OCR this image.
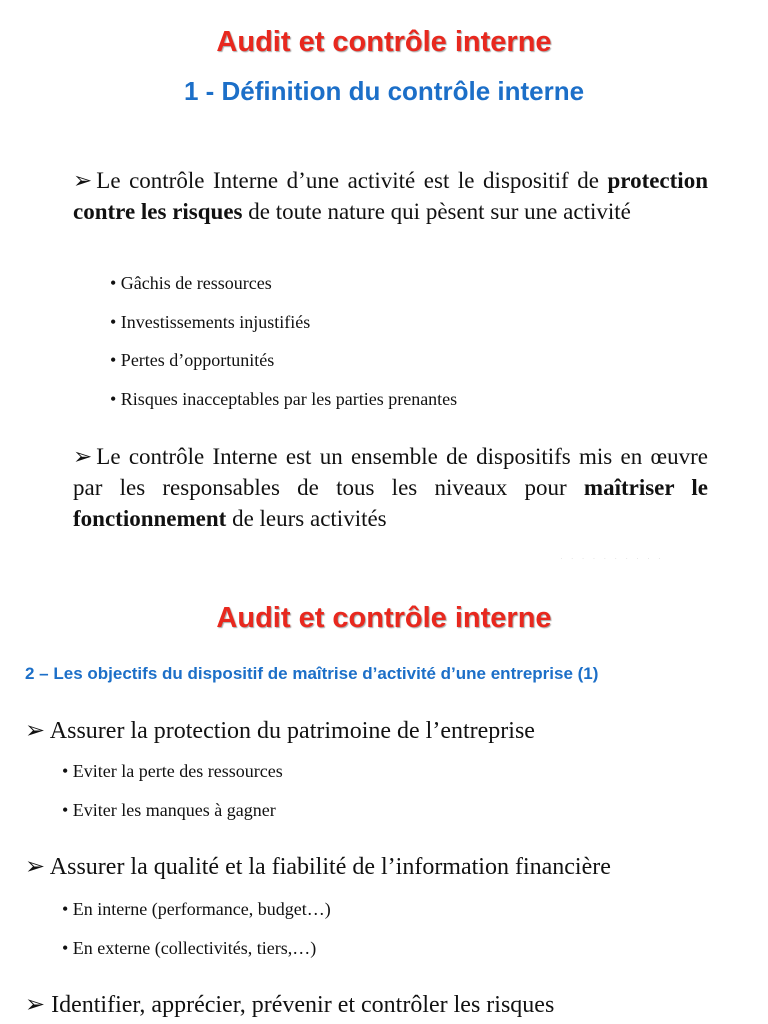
Audit et contrôle interne
1 - Définition du contrôle interne

➢ Le contrôle Interne d’une activité est le dispositif de protection contre les risques de toute nature qui pèsent sur une activité

• Gâchis de ressources
• Investissements injustifiés
• Pertes d’opportunités
• Risques inacceptables par les parties prenantes

➢ Le contrôle Interne est un ensemble de dispositifs mis en œuvre par les responsables de tous les niveaux pour maîtriser le fonctionnement de leurs activités

· · · · · · · · · ·
Audit et contrôle interne
2 – Les objectifs du dispositif de maîtrise d’activité d’une entreprise (1)

➢ Assurer la protection du patrimoine de l’entreprise

• Eviter la perte des ressources
• Eviter les manques à gagner

➢ Assurer la qualité et la fiabilité de l’information financière

• En interne (performance, budget…)
• En externe (collectivités, tiers,…)

➢ Identifier, apprécier, prévenir et contrôler les risques
